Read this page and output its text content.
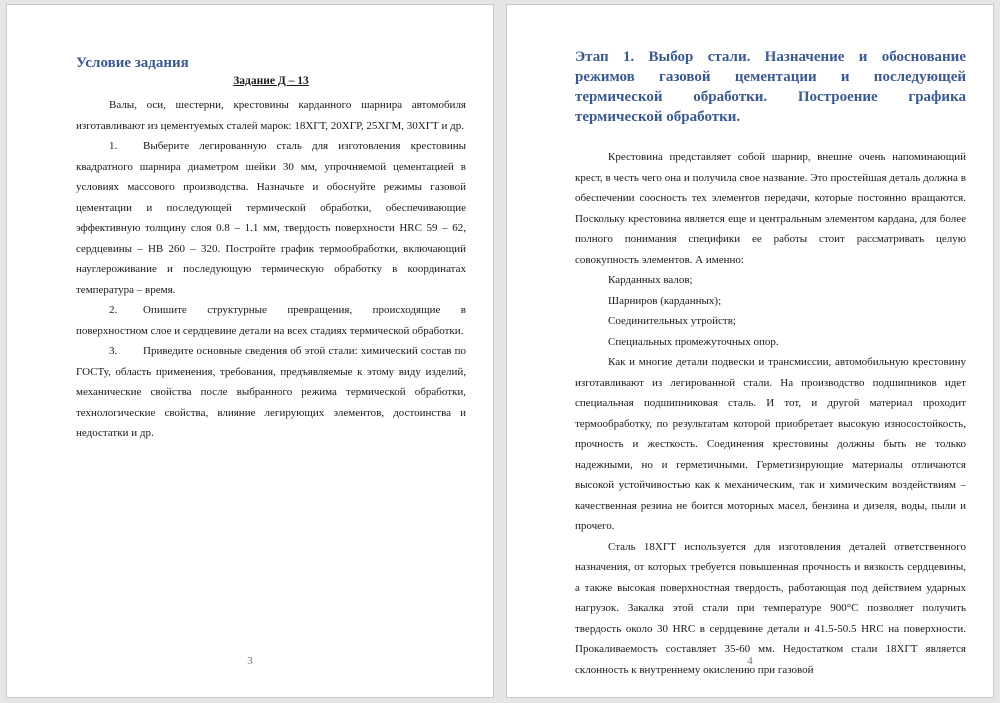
Условие задания
Задание Д – 13

Валы, оси, шестерни, крестовины карданного шарнира автомобиля изготавливают из цементуемых сталей марок: 18ХГТ, 20ХГР, 25ХГМ, 30ХГТ и др.

1. Выберите легированную сталь для изготовления крестовины квадратного шарнира диаметром шейки 30 мм, упрочняемой цементацией в условиях массового производства. Назначьте и обоснуйте режимы газовой цементации и последующей термической обработки, обеспечивающие эффективную толщину слоя 0.8 – 1.1 мм, твердость поверхности HRC 59 – 62, сердцевины – НВ 260 – 320. Постройте график термообработки, включающий науглероживание и последующую термическую обработку в координатах температура – время.

2. Опишите структурные превращения, происходящие в поверхностном слое и сердцевине детали на всех стадиях термической обработки.

3. Приведите основные сведения об этой стали: химический состав по ГОСТу, область применения, требования, предъявляемые к этому виду изделий, механические свойства после выбранного режима термической обработки, технологические свойства, влияние легирующих элементов, достоинства и недостатки и др.

3
Этап 1. Выбор стали. Назначение и обоснование режимов газовой цементации и последующей термической обработки. Построение графика термической обработки.

Крестовина представляет собой шарнир, внешне очень напоминающий крест, в честь чего она и получила свое название. Это простейшая деталь должна в обеспечении соосность тех элементов передачи, которые постоянно вращаются. Поскольку крестовина является еще и центральным элементом кардана, для более полного понимания специфики ее работы стоит рассматривать целую совокупность элементов. А именно:

Карданных валов;

Шарниров (карданных);

Соединительных утройств;

Специальных промежуточных опор.

Как и многие детали подвески и трансмиссии, автомобильную крестовину изготавливают из легированной стали. На производство подшипников идет специальная подшипниковая сталь. И тот, и другой материал проходит термообработку, по результатам которой приобретает высокую износостойкость, прочность и жесткость. Соединения крестовины должны быть не только надежными, но и герметичными. Герметизирующие материалы отличаются высокой устойчивостью как к механическим, так и химическим воздействиям – качественная резина не боится моторных масел, бензина и дизеля, воды, пыли и прочего.

Сталь 18ХГТ используется для изготовления деталей ответственного назначения, от которых требуется повышенная прочность и вязкость сердцевины, а также высокая поверхностная твердость, работающая под действием ударных нагрузок. Закалка этой стали при температуре 900°С позволяет получить твердость около 30 HRC в сердцевине детали и 41.5-50.5 HRC на поверхности. Прокаливаемость составляет 35-60 мм. Недостатком стали 18ХГТ является склонность к внутреннему окислению при газовой

4
